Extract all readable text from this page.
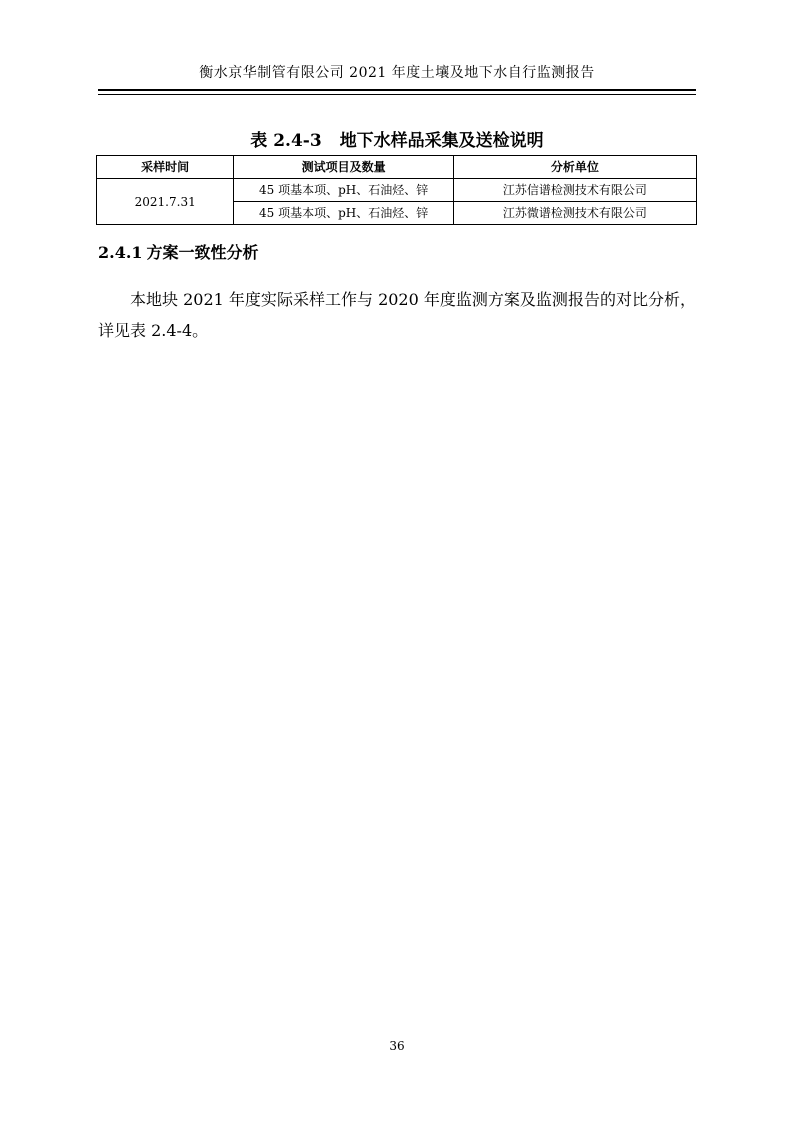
衡水京华制管有限公司 2021 年度土壤及地下水自行监测报告
表 2.4-3 地下水样品采集及送检说明
采样时间	测试项目及数量	分析单位
2021.7.31	45 项基本项、pH、石油烃、锌	江苏信谱检测技术有限公司
	45 项基本项、pH、石油烃、锌	江苏微谱检测技术有限公司
2.4.1 方案一致性分析
本地块 2021 年度实际采样工作与 2020 年度监测方案及监测报告的对比分析，详见表 2.4-4。
36
